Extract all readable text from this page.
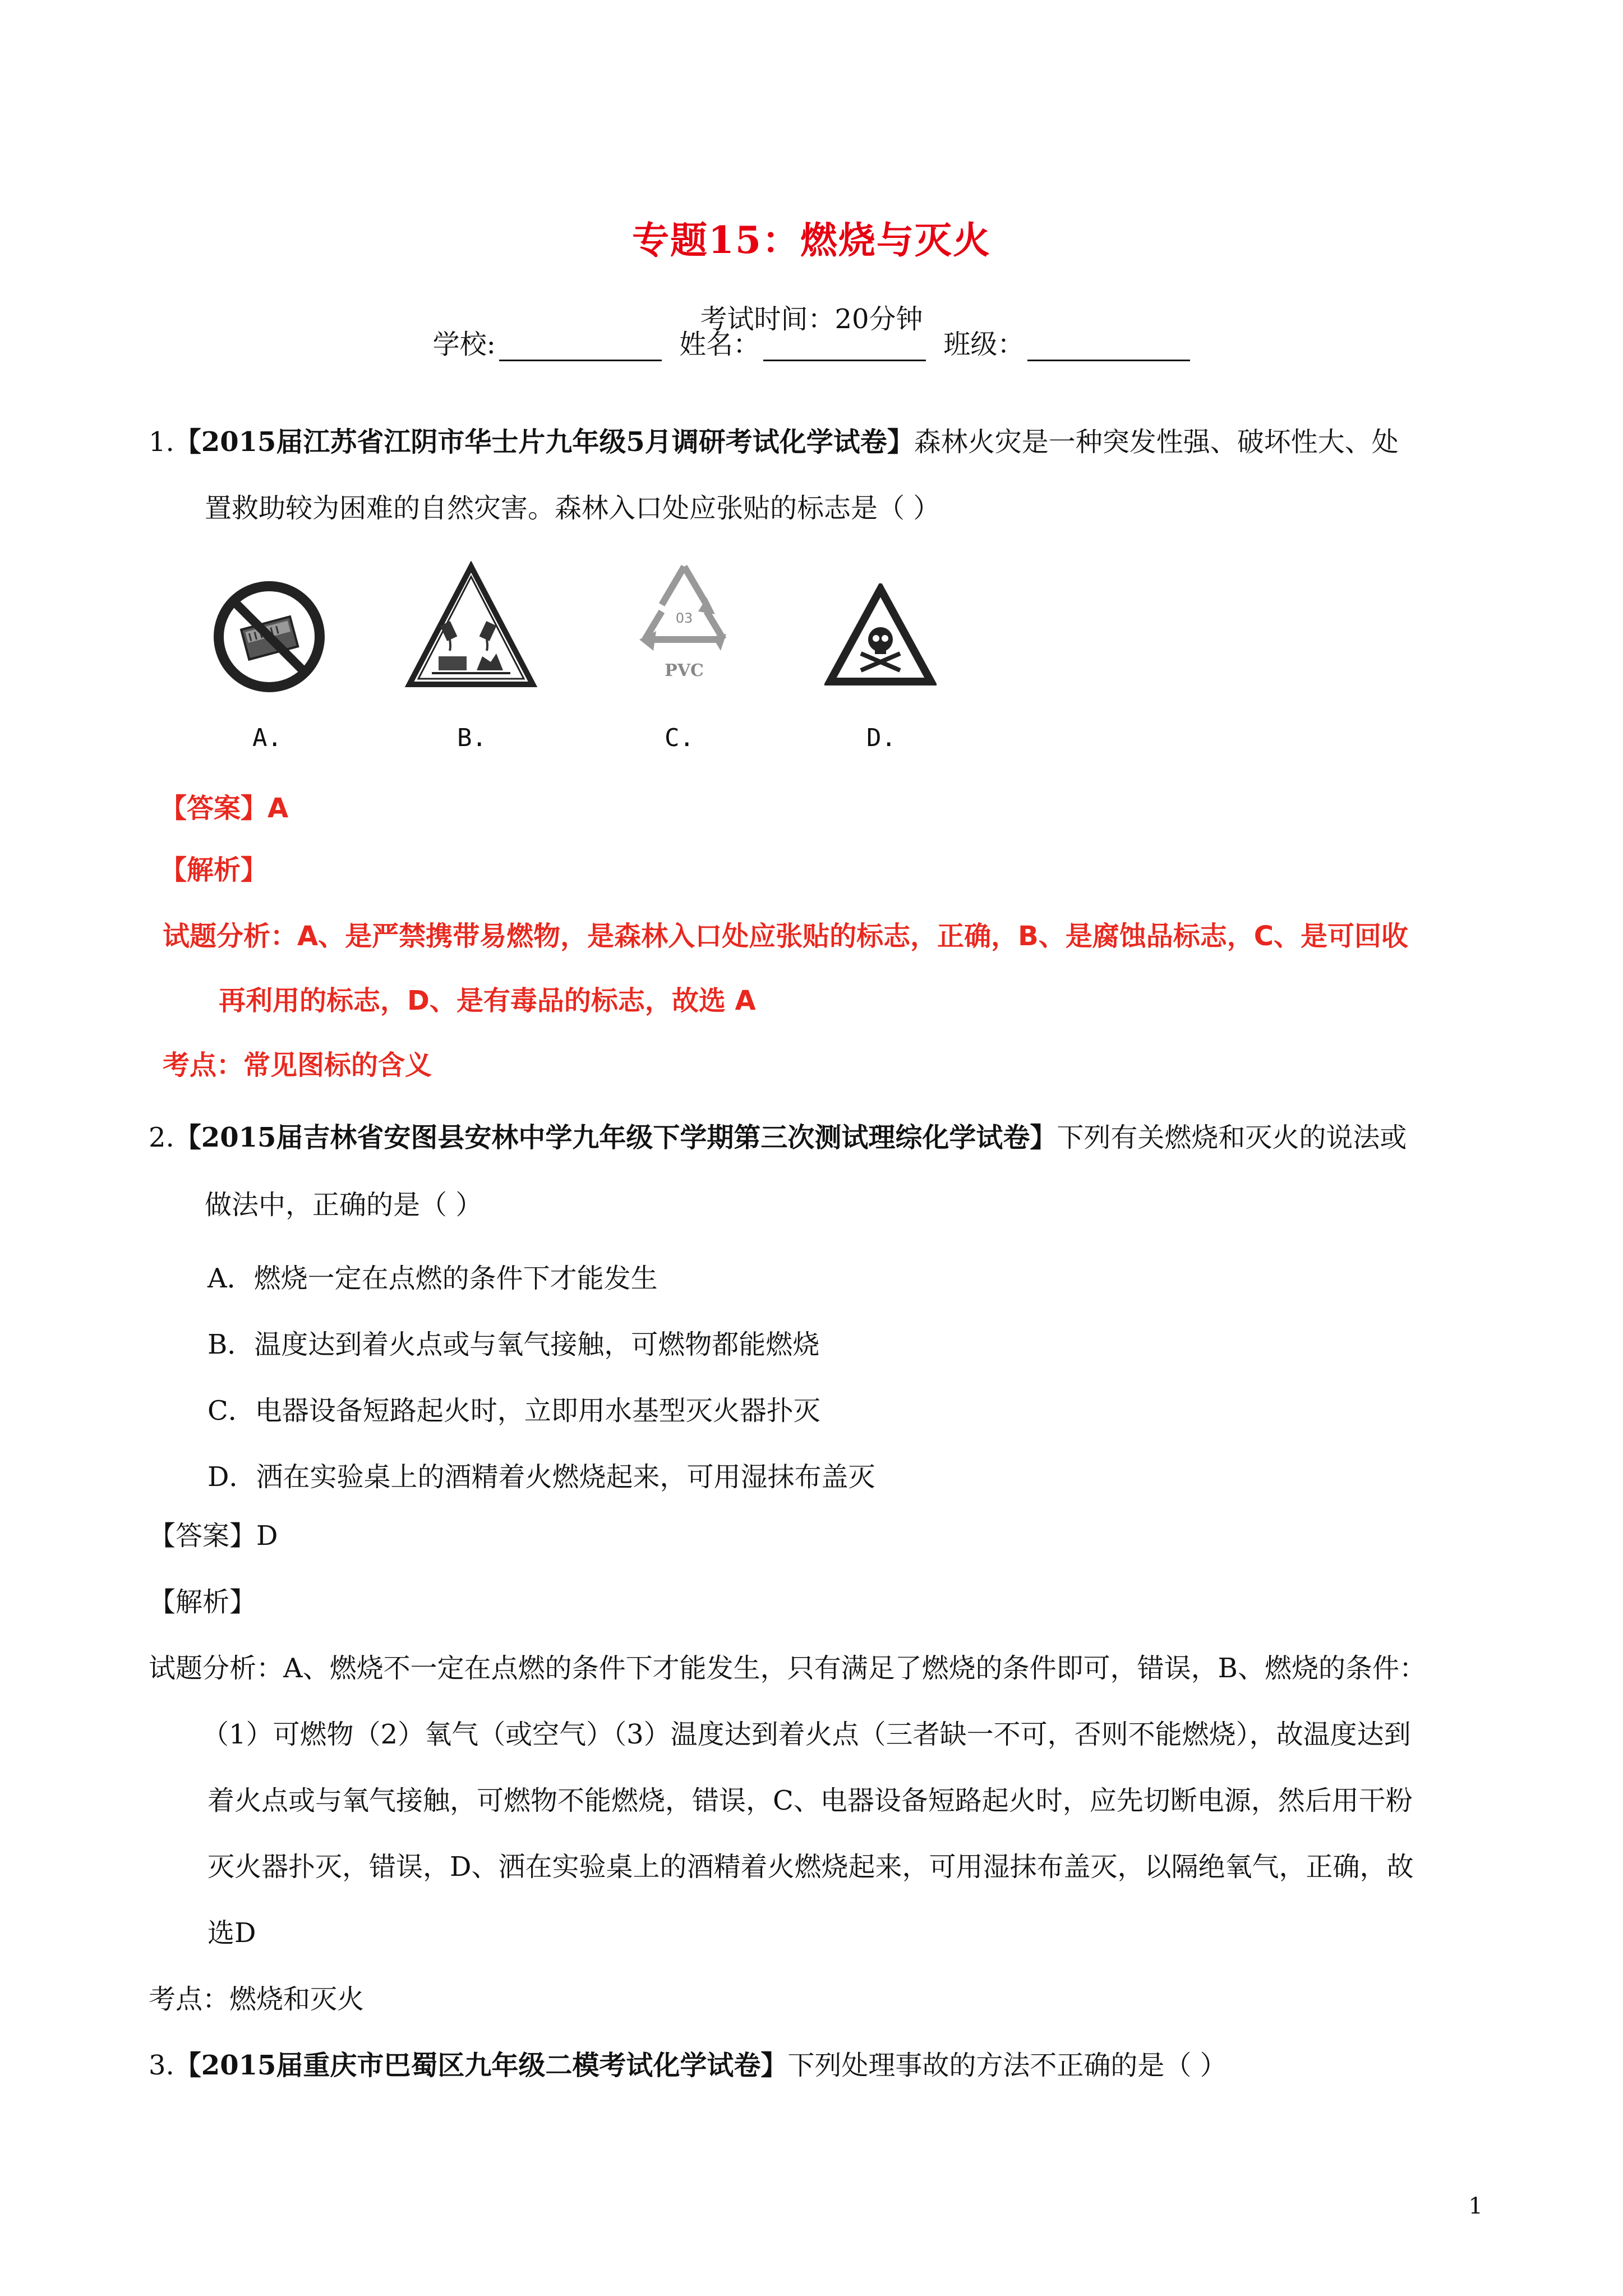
专题15：燃烧与灭火
考试时间：20分钟
学校:	姓名：	班级：
1.【2015届江苏省江阴市华士片九年级5月调研考试化学试卷】森林火灾是一种突发性强、破坏性大、处
置救助较为困难的自然灾害。森林入口处应张贴的标志是（ ）
03
PVC
A.	B.	C.	D.
【答案】A
【解析】
试题分析：A、是严禁携带易燃物，是森林入口处应张贴的标志，正确，B、是腐蚀品标志，C、是可回收
再利用的标志，D、是有毒品的标志，故选 A
考点：常见图标的含义
2.【2015届吉林省安图县安林中学九年级下学期第三次测试理综化学试卷】下列有关燃烧和灭火的说法或
做法中，正确的是（ ）
A．燃烧一定在点燃的条件下才能发生
B．温度达到着火点或与氧气接触，可燃物都能燃烧
C．电器设备短路起火时，立即用水基型灭火器扑灭
D．洒在实验桌上的酒精着火燃烧起来，可用湿抹布盖灭
【答案】D
【解析】
试题分析：A、燃烧不一定在点燃的条件下才能发生，只有满足了燃烧的条件即可，错误，B、燃烧的条件：
（1）可燃物（2）氧气（或空气）（3）温度达到着火点（三者缺一不可，否则不能燃烧），故温度达到
着火点或与氧气接触，可燃物不能燃烧，错误，C、电器设备短路起火时，应先切断电源，然后用干粉
灭火器扑灭，错误，D、洒在实验桌上的酒精着火燃烧起来，可用湿抹布盖灭，以隔绝氧气，正确，故
选D
考点：燃烧和灭火
3.【2015届重庆市巴蜀区九年级二模考试化学试卷】下列处理事故的方法不正确的是（ ）
1
